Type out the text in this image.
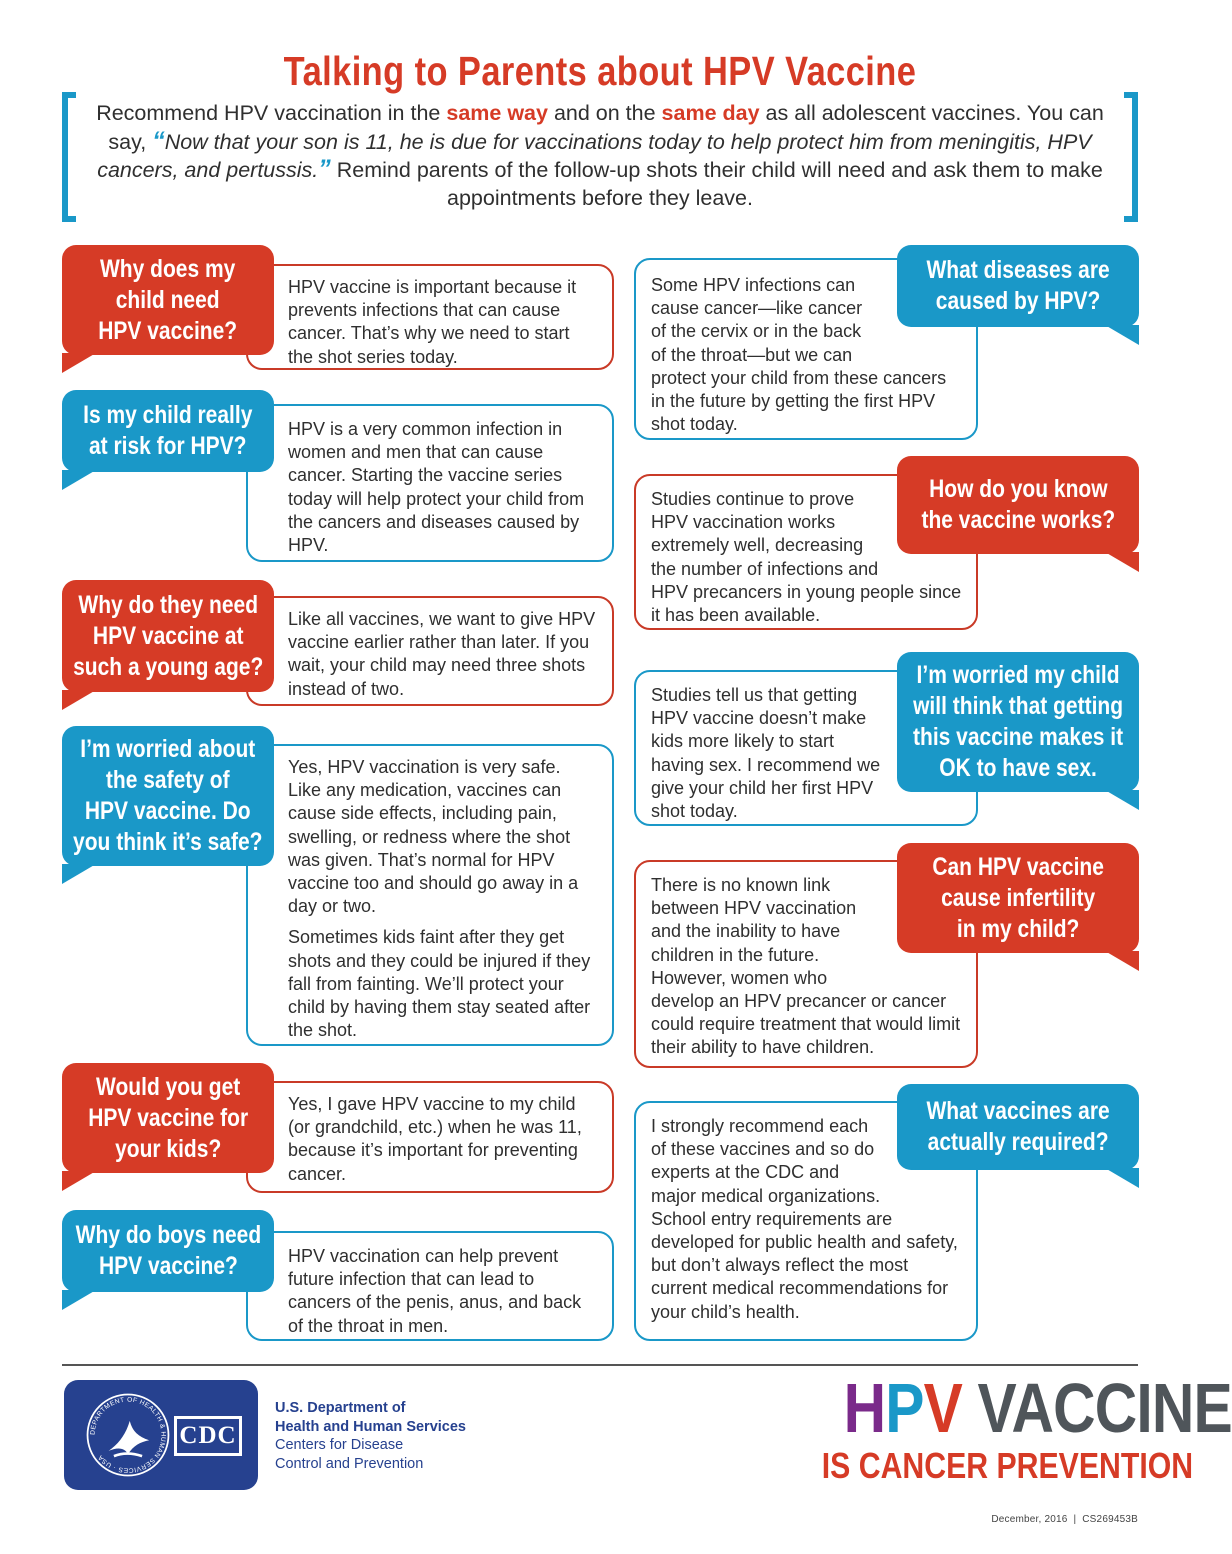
Talking to Parents about HPV Vaccine
Recommend HPV vaccination in the same way and on the same day as all adolescent vaccines. You can say, “Now that your son is 11, he is due for vaccinations today to help protect him from meningitis, HPV cancers, and pertussis.” Remind parents of the follow-up shots their child will need and ask them to make appointments before they leave.

HPV vaccine is important because it prevents infections that can cause cancer. That’s why we need to start the shot series today.

Why does my
child need
HPV vaccine?

HPV is a very common infection in women and men that can cause cancer. Starting the vaccine series today will help protect your child from the cancers and diseases caused by HPV.

Is my child really
at risk for HPV?

Like all vaccines, we want to give HPV vaccine earlier rather than later. If you wait, your child may need three shots instead of two.

Why do they need
HPV vaccine at
such a young age?

Yes, HPV vaccination is very safe. Like any medication, vaccines can cause side effects, including pain, swelling, or redness where the shot was given. That’s normal for HPV vaccine too and should go away in a day or two.

Sometimes kids faint after they get shots and they could be injured if they fall from fainting. We’ll protect your child by having them stay seated after the shot.

I’m worried about
the safety of
HPV vaccine. Do
you think it’s safe?

Yes, I gave HPV vaccine to my child (or grandchild, etc.) when he was 11, because it’s important for preventing cancer.

Would you get
HPV vaccine for
your kids?

HPV vaccination can help prevent future infection that can lead to cancers of the penis, anus, and back of the throat in men.

Why do boys need
HPV vaccine?

Some HPV infections can cause cancer—like cancer of the cervix or in the back of the throat—but we can protect your child from these cancers in the future by getting the first HPV shot today.

What diseases are
caused by HPV?

Studies continue to prove HPV vaccination works extremely well, decreasing the number of infections and HPV precancers in young people since it has been available.

How do you know
the vaccine works?

Studies tell us that getting HPV vaccine doesn’t make kids more likely to start having sex. I recommend we give your child her first HPV shot today.

I’m worried my child
will think that getting
this vaccine makes it
OK to have sex.

There is no known link between HPV vaccination and the inability to have children in the future. However, women who develop an HPV precancer or cancer could require treatment that would limit their ability to have children.

Can HPV vaccine
cause infertility
in my child?

I strongly recommend each of these vaccines and so do experts at the CDC and major medical organizations. School entry requirements are developed for public health and safety, but don’t always reflect the most current medical recommendations for your child’s health.

What vaccines are
actually required?
DEPARTMENT OF HEALTH & HUMAN SERVICES · USA
CDC
U.S. Department of
Health and Human Services
Centers for Disease
Control and Prevention
HPV VACCINE
IS CANCER PREVENTION
December, 2016 | CS269453B
